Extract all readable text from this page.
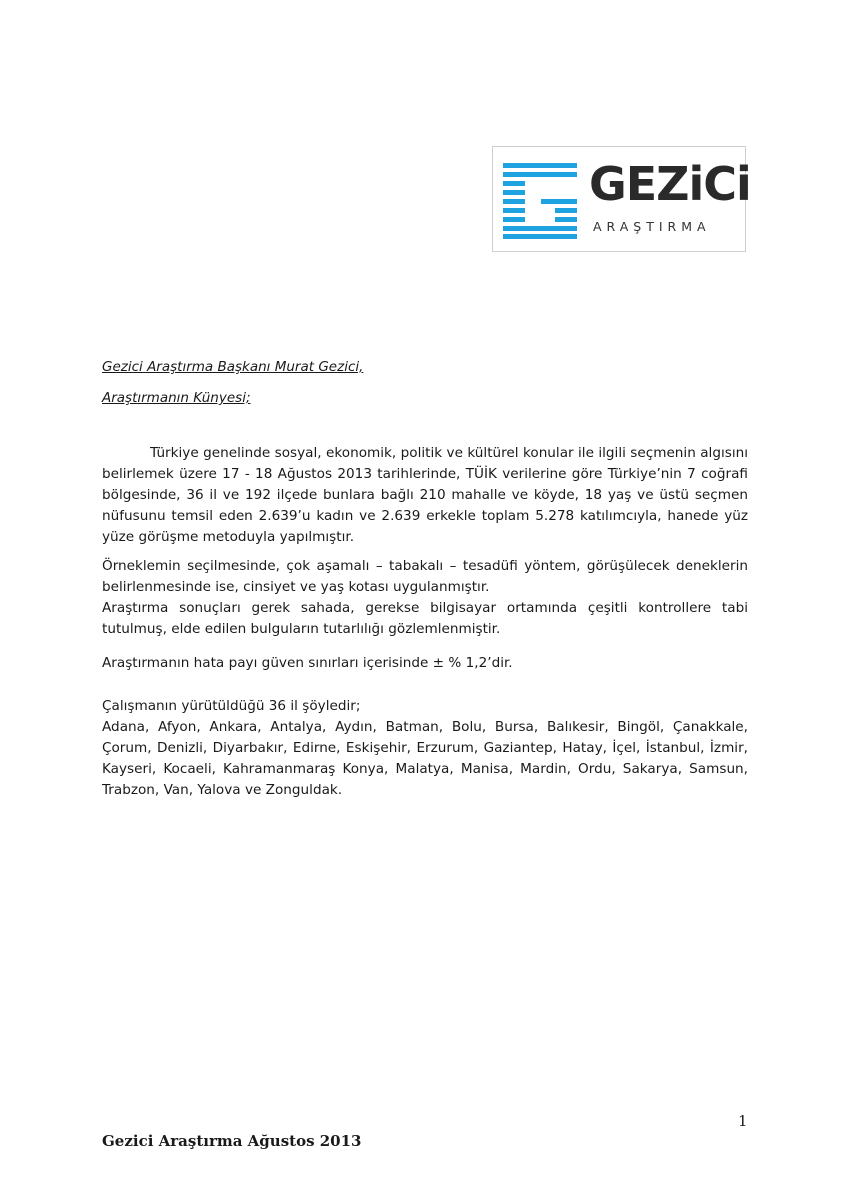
GEZiCi
ARAŞTIRMA
Gezici Araştırma Başkanı Murat Gezici,
Araştırmanın Künyesi;

Türkiye genelinde sosyal, ekonomik, politik ve kültürel konular ile ilgili seçmenin algısını belirlemek üzere 17 - 18 Ağustos 2013 tarihlerinde, TÜİK verilerine göre Türkiye’nin 7 coğrafi bölgesinde, 36 il ve 192 ilçede bunlara bağlı 210 mahalle ve köyde, 18 yaş ve üstü seçmen nüfusunu temsil eden 2.639’u kadın ve 2.639 erkekle toplam 5.278 katılımcıyla, hanede yüz yüze görüşme metoduyla yapılmıştır.

Örneklemin seçilmesinde, çok aşamalı – tabakalı – tesadüfi yöntem, görüşülecek deneklerin belirlenmesinde ise, cinsiyet ve yaş kotası uygulanmıştır.

Araştırma sonuçları gerek sahada, gerekse bilgisayar ortamında çeşitli kontrollere tabi tutulmuş, elde edilen bulguların tutarlılığı gözlemlenmiştir.

Araştırmanın hata payı güven sınırları içerisinde ± % 1,2’dir.

Çalışmanın yürütüldüğü 36 il şöyledir;

Adana, Afyon, Ankara, Antalya, Aydın, Batman, Bolu, Bursa, Balıkesir, Bingöl, Çanakkale, Çorum, Denizli, Diyarbakır, Edirne, Eskişehir, Erzurum, Gaziantep, Hatay, İçel, İstanbul, İzmir, Kayseri, Kocaeli, Kahramanmaraş Konya, Malatya, Manisa, Mardin, Ordu, Sakarya, Samsun, Trabzon, Van, Yalova ve Zonguldak.

1
Gezici Araştırma Ağustos 2013
